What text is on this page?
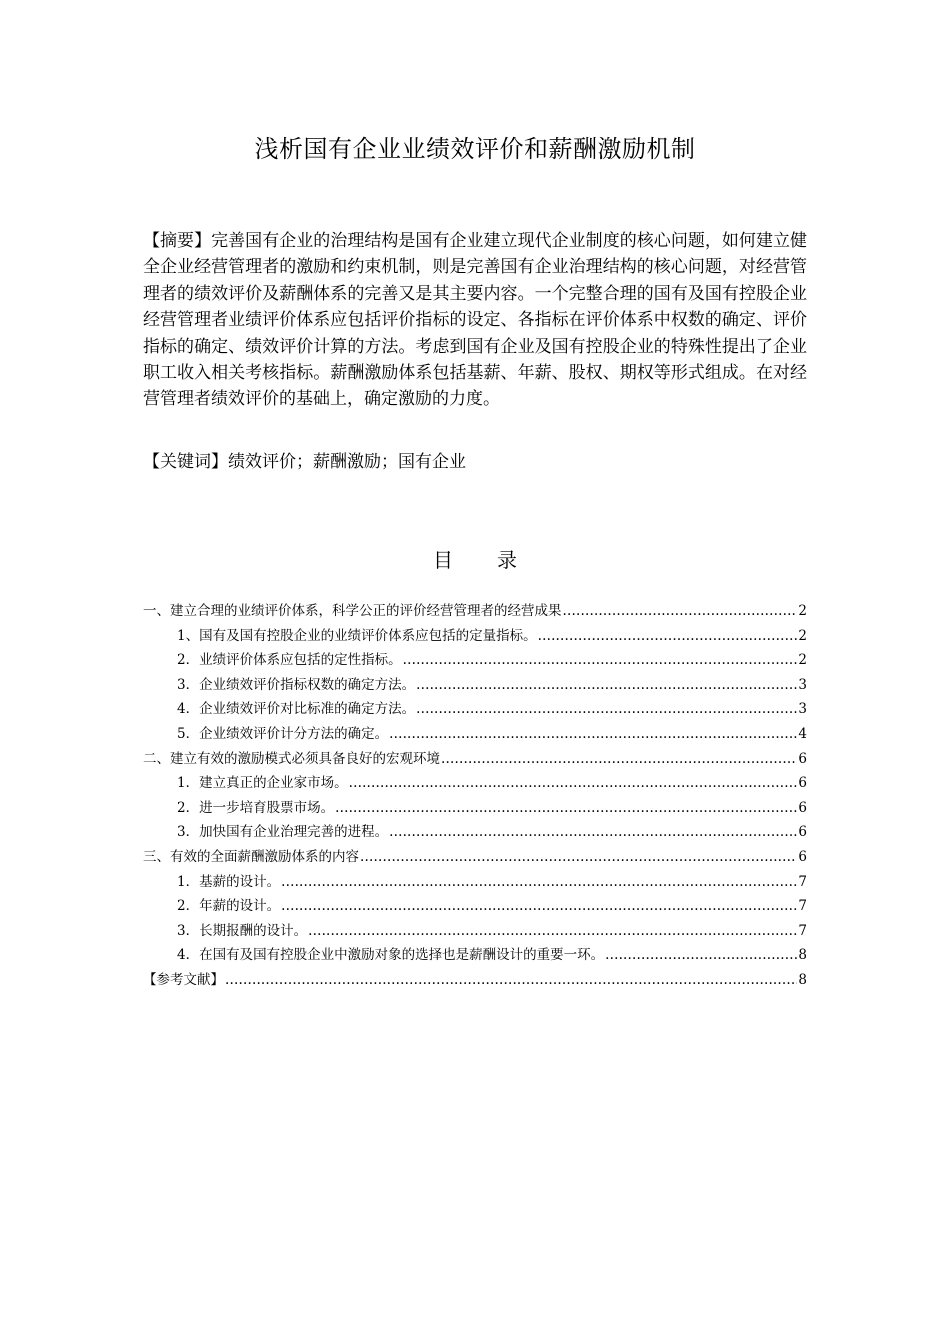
浅析国有企业业绩效评价和薪酬激励机制
【摘要】完善国有企业的治理结构是国有企业建立现代企业制度的核心问题，如何建立健全企业经营管理者的激励和约束机制，则是完善国有企业治理结构的核心问题，对经营管理者的绩效评价及薪酬体系的完善又是其主要内容。一个完整合理的国有及国有控股企业经营管理者业绩评价体系应包括评价指标的设定、各指标在评价体系中权数的确定、评价指标的确定、绩效评价计算的方法。考虑到国有企业及国有控股企业的特殊性提出了企业职工收入相关考核指标。薪酬激励体系包括基薪、年薪、股权、期权等形式组成。在对经营管理者绩效评价的基础上，确定激励的力度。
【关键词】绩效评价；薪酬激励；国有企业
目 录
一、建立合理的业绩评价体系，科学公正的评价经营管理者的经营成果 .....	2
1、国有及国有控股企业的业绩评价体系应包括的定量指标。 .....	2
2．业绩评价体系应包括的定性指标。 .....	2
3．企业绩效评价指标权数的确定方法。 .....	3
4．企业绩效评价对比标准的确定方法。 .....	3
5．企业绩效评价计分方法的确定。 .....	4
二、建立有效的激励模式必须具备良好的宏观环境 .....	6
1．建立真正的企业家市场。 .....	6
2．进一步培育股票市场。 .....	6
3．加快国有企业治理完善的进程。 .....	6
三、有效的全面薪酬激励体系的内容 .....	6
1．基薪的设计。 .....	7
2．年薪的设计。 .....	7
3．长期报酬的设计。 .....	7
4．在国有及国有控股企业中激励对象的选择也是薪酬设计的重要一环。 .....	8
【参考文献】 .....	8
